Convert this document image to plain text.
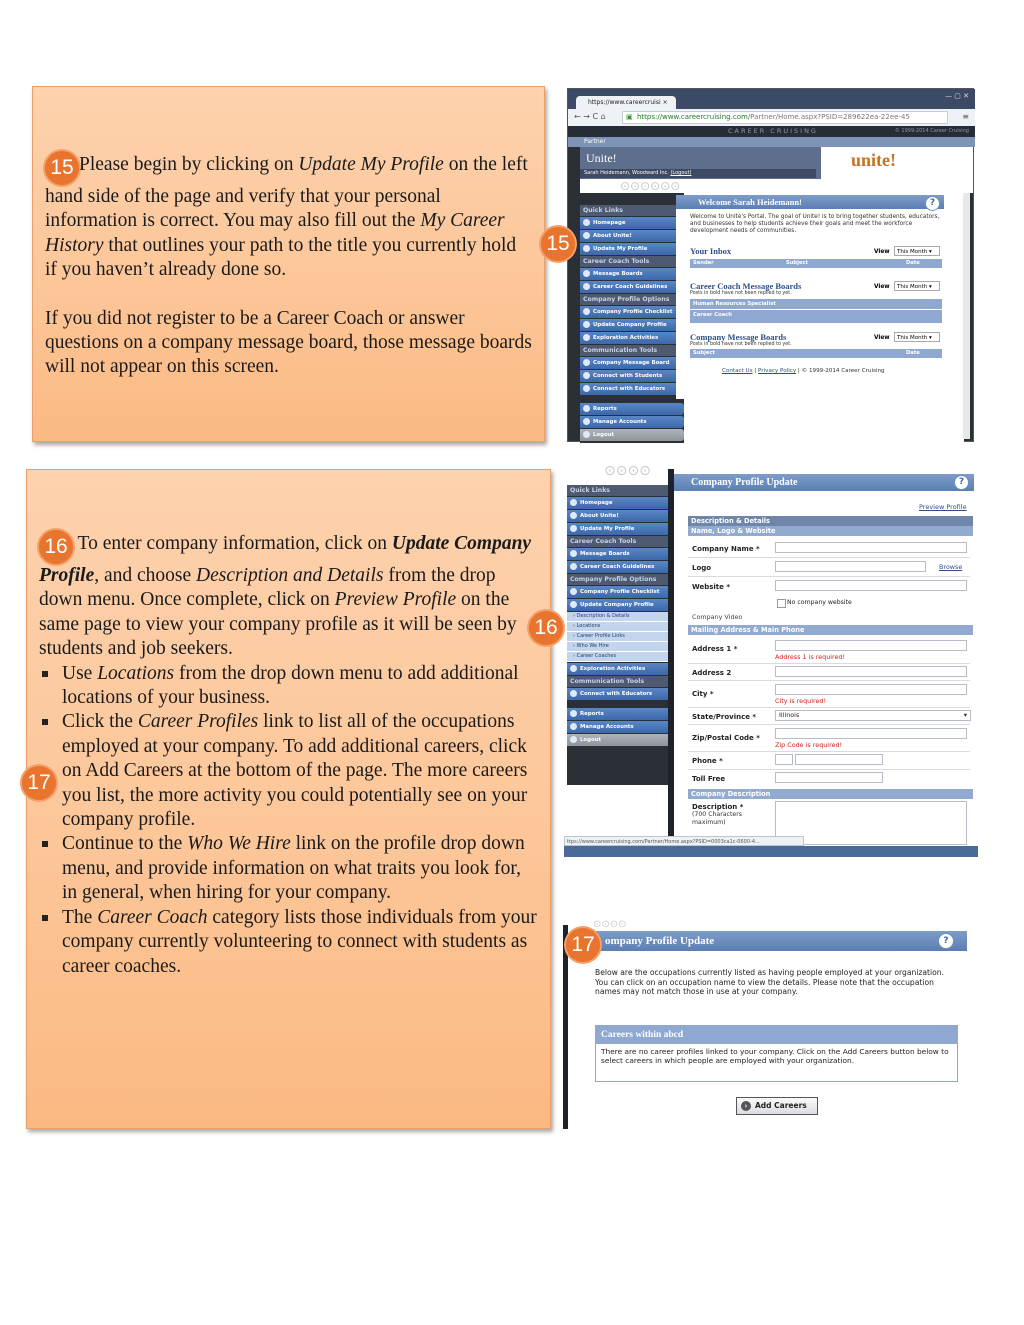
15 Please begin by clicking on Update My Profile on the left hand side of the page and verify that your personal information is correct. You may also fill out the My Career History that outlines your path to the title you currently hold if you haven’t already done so.

If you did not register to be a Career Coach or answer questions on a company message board, those message boards will not appear on this screen.

https://www.careercruisi ×
— ▢ ✕
← → C ⌂	▣ https://www.careercruising.com/Partner/Home.aspx?PSID=289622ea-22ee-45	≡
CAREER CRUISING	© 1999-2014 Career Cruising
Partner
Unite!	unite!
Sarah Heidemann, Woodward Inc. (Logout)
⊙⊙⊙⊙⊙⊙
Quick Links
Homepage
About Unite!
Update My Profile
Career Coach Tools
Message Boards
Career Coach Guidelines
Company Profile Options
Company Profile Checklist
Update Company Profile
Exploration Activities
Communication Tools
Company Message Board
Connect with Students
Connect with Educators
Reports
Manage Accounts
Logout
Welcome Sarah Heidemann!	?
Welcome to Unite's Portal. The goal of Unite! is to bring together students, educators, and businesses to help students achieve their goals and meet the workforce development needs of communities.
Your Inbox	View	This Month ▾
Sender	Subject	Date
Career Coach Message Boards
Posts in bold have not been replied to yet.
View	This Month ▾
Human Resources Specialist
Career Coach
Company Message Boards
Posts in bold have not been replied to yet.
View	This Month ▾
Subject	Date
Contact Us | Privacy Policy | © 1999-2014 Career Cruising
15

16 To enter company information, click on Update Company Profile, and choose Description and Details from the drop down menu. Once complete, click on Preview Profile on the same page to view your company profile as it will be seen by students and job seekers.

Use Locations from the drop down menu to add additional locations of your business.
Click the Career Profiles link to list all of the occupations employed at your company. To add additional careers, click on Add Careers at the bottom of the page. The more careers you list, the more activity you could potentially see on your company profile.
Continue to the Who We Hire link on the profile drop down menu, and provide information on what traits you look for, in general, when hiring for your company.
The Career Coach category lists those individuals from your company currently volunteering to connect with students as career coaches.
17
⊙⊙⊙⊙
Quick Links
Homepage
About Unite!
Update My Profile
Career Coach Tools
Message Boards
Career Coach Guidelines
Company Profile Options
Company Profile Checklist
Update Company Profile
› Description & Details
› Locations
› Career Profile Links
› Who We Hire
› Career Coaches
Exploration Activities
Communication Tools
Connect with Educators
Reports
Manage Accounts
Logout
Company Profile Update	?
Preview Profile
Description & Details
Name, Logo & Website
Company Name *
Logo	Browse
Website *
No company website
Company Video
Mailing Address & Main Phone
Address 1 *
Address 1 is required!
Address 2
City *
City is required!
State/Province *	Illinois	▾
Zip/Postal Code *
Zip Code is required!
Phone *
Toll Free
Company Description
Description *
(700 Characters maximum)
ttps://www.careercruising.com/Partner/Home.aspx?PSID=0003ca1c-0600-4...
16
⊙⊙⊙⊙
ompany Profile Update	?
Below are the occupations currently listed as having people employed at your organization. You can click on an occupation name to view the details. Please note that the occupation names may not match those in use at your company.
Careers within abcd
There are no career profiles linked to your company. Click on the Add Careers button below to select careers in which people are employed with your organization.
›	Add Careers
17
